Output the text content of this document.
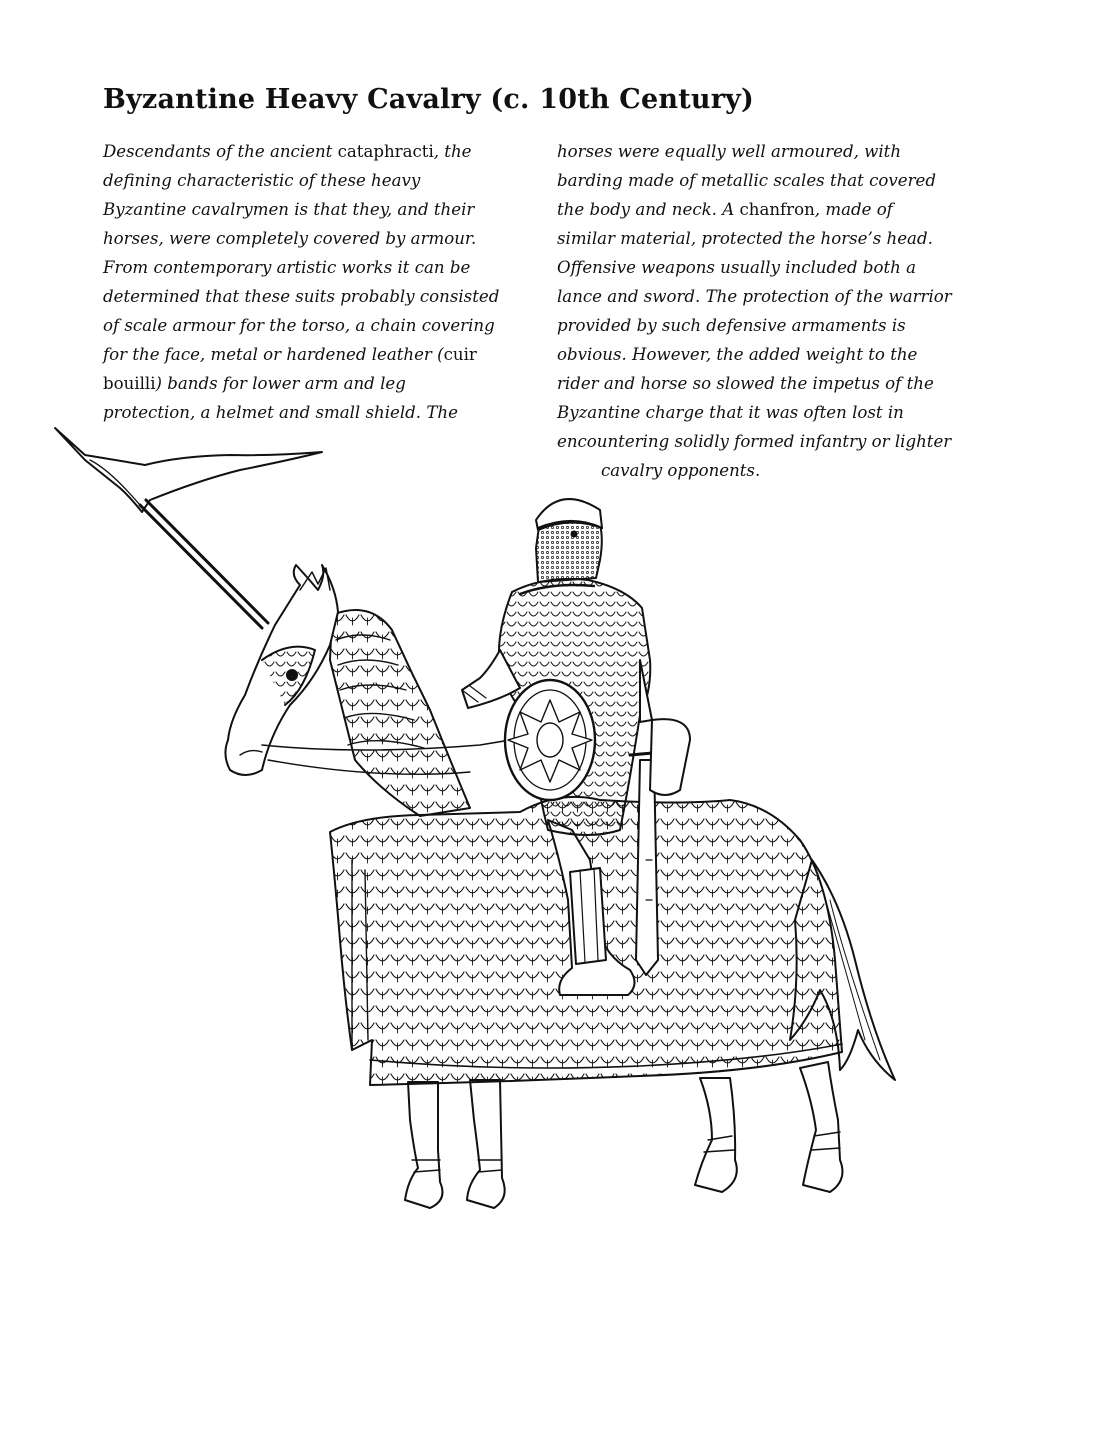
Byzantine Heavy Cavalry (c. 10th Century)
Descendants of the ancient cataphracti, the
defining characteristic of these heavy
Byzantine cavalrymen is that they, and their
horses, were completely covered by armour.
From contemporary artistic works it can be
determined that these suits probably consisted
of scale armour for the torso, a chain covering
for the face, metal or hardened leather (cuir
bouilli) bands for lower arm and leg
protection, a helmet and small shield. The
horses were equally well armoured, with
barding made of metallic scales that covered
the body and neck. A chanfron, made of
similar material, protected the horse’s head.
Offensive weapons usually included both a
lance and sword. The protection of the warrior
provided by such defensive armaments is
obvious. However, the added weight to the
rider and horse so slowed the impetus of the
Byzantine charge that it was often lost in
encountering solidly formed infantry or lighter
cavalry opponents.
